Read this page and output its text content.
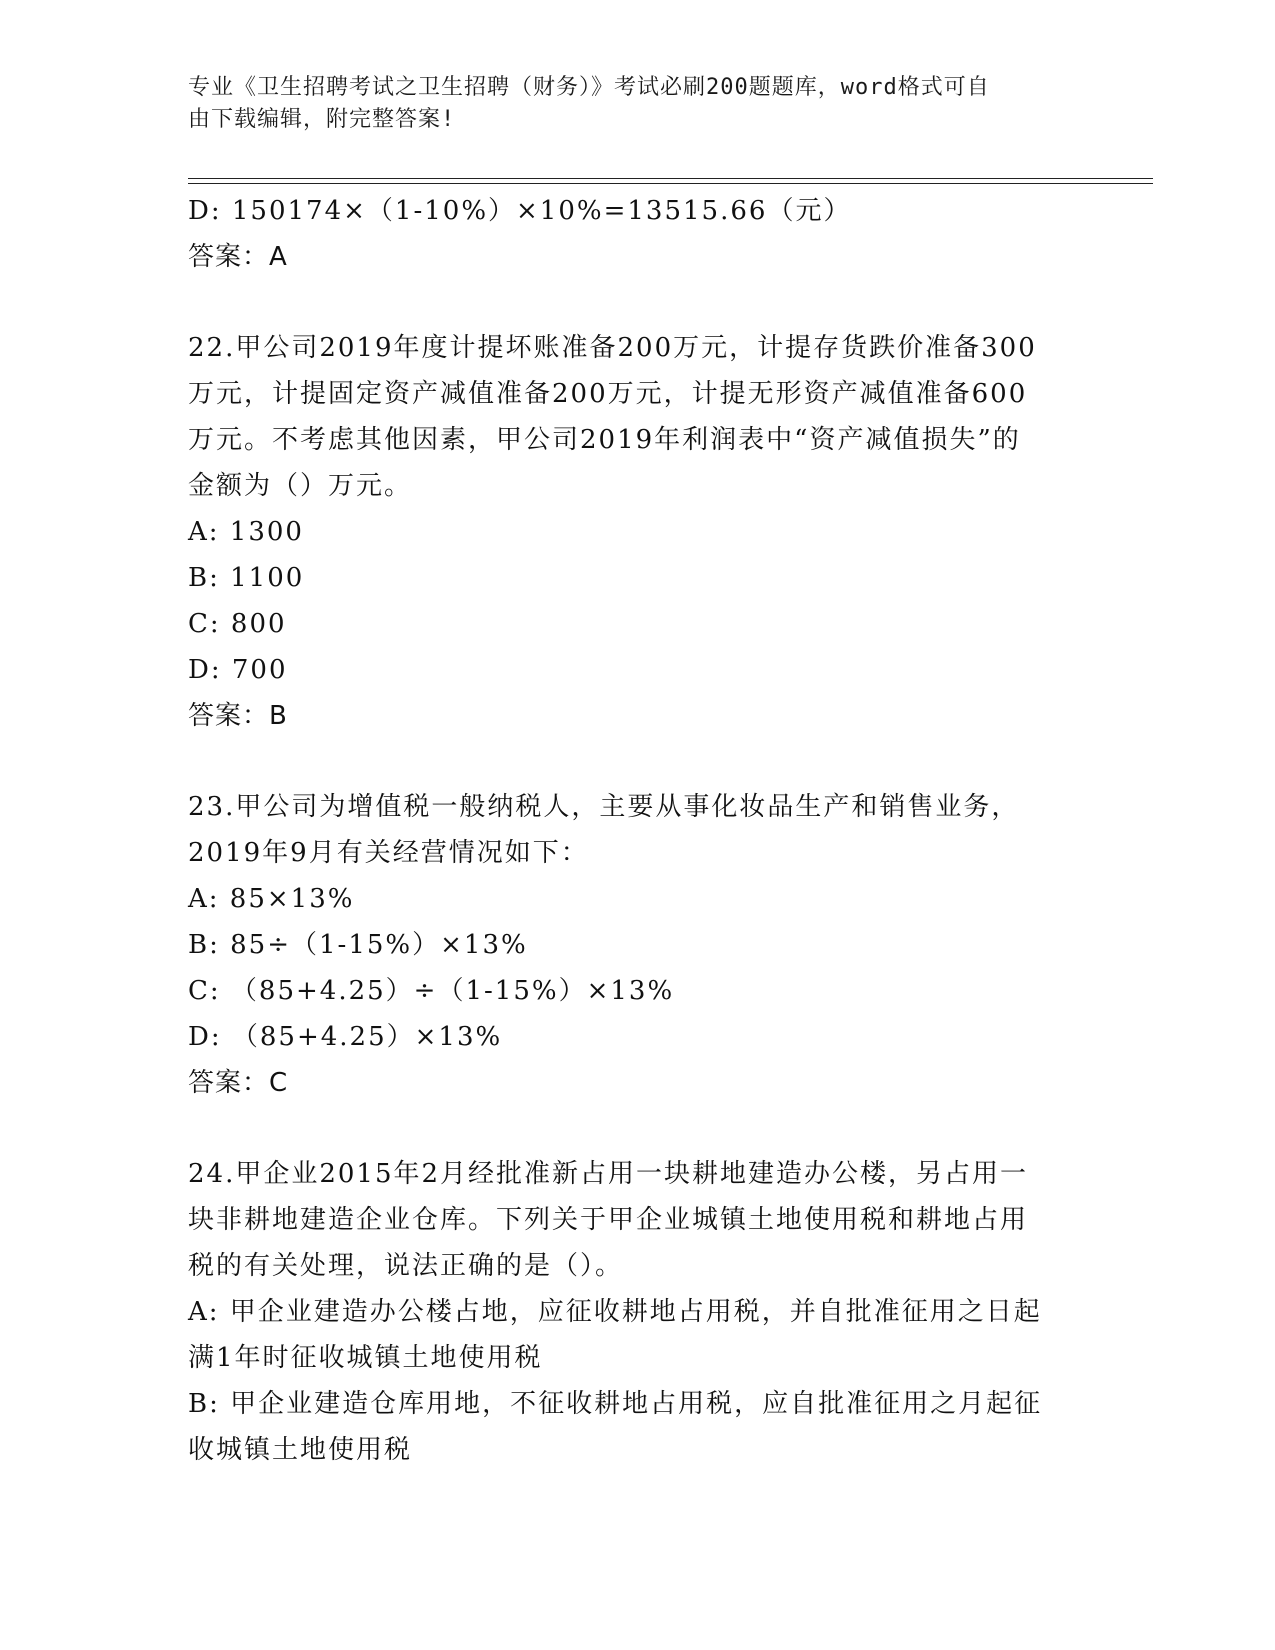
专业《卫生招聘考试之卫生招聘（财务）》考试必刷200题题库，word格式可自
由下载编辑，附完整答案!
D: 150174×（1-10%）×10%=13515.66（元）
答案：A
22.甲公司2019年度计提坏账准备200万元，计提存货跌价准备300
万元，计提固定资产减值准备200万元，计提无形资产减值准备600
万元。不考虑其他因素，甲公司2019年利润表中“资产减值损失”的
金额为（）万元。
A: 1300
B: 1100
C: 800
D: 700
答案：B
23.甲公司为增值税一般纳税人，主要从事化妆品生产和销售业务，
2019年9月有关经营情况如下：
A: 85×13%
B: 85÷（1-15%）×13%
C: （85+4.25）÷（1-15%）×13%
D: （85+4.25）×13%
答案：C
24.甲企业2015年2月经批准新占用一块耕地建造办公楼，另占用一
块非耕地建造企业仓库。下列关于甲企业城镇土地使用税和耕地占用
税的有关处理，说法正确的是（）。
A: 甲企业建造办公楼占地，应征收耕地占用税，并自批准征用之日起
满1年时征收城镇土地使用税
B: 甲企业建造仓库用地，不征收耕地占用税，应自批准征用之月起征
收城镇土地使用税
